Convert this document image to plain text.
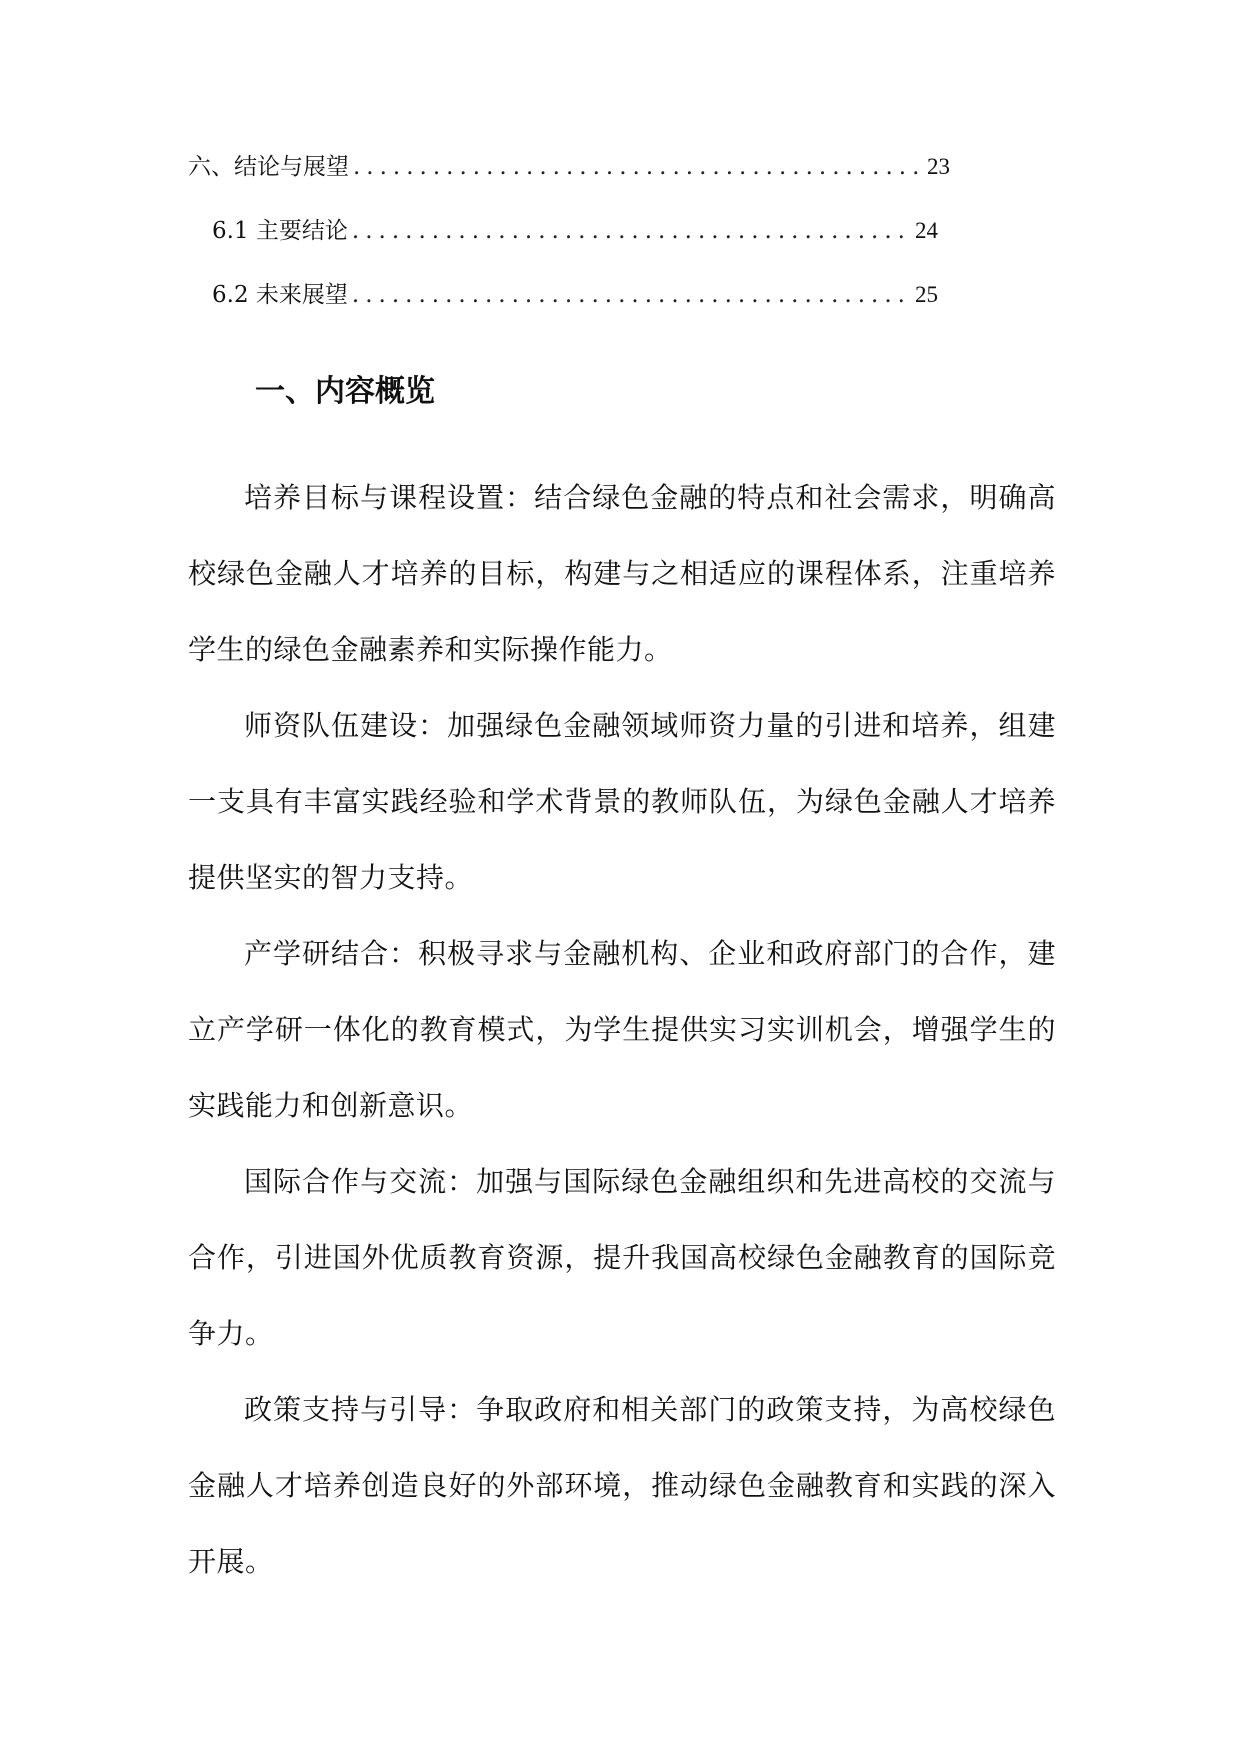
六、结论与展望 .....	23
6.1 主要结论 .....	24
6.2 未来展望 .....	25
一、内容概览

培养目标与课程设置：结合绿色金融的特点和社会需求，明确高校绿色金融人才培养的目标，构建与之相适应的课程体系，注重培养学生的绿色金融素养和实际操作能力。

师资队伍建设：加强绿色金融领域师资力量的引进和培养，组建一支具有丰富实践经验和学术背景的教师队伍，为绿色金融人才培养提供坚实的智力支持。

产学研结合：积极寻求与金融机构、企业和政府部门的合作，建立产学研一体化的教育模式，为学生提供实习实训机会，增强学生的实践能力和创新意识。

国际合作与交流：加强与国际绿色金融组织和先进高校的交流与合作，引进国外优质教育资源，提升我国高校绿色金融教育的国际竞争力。

政策支持与引导：争取政府和相关部门的政策支持，为高校绿色金融人才培养创造良好的外部环境，推动绿色金融教育和实践的深入开展。
